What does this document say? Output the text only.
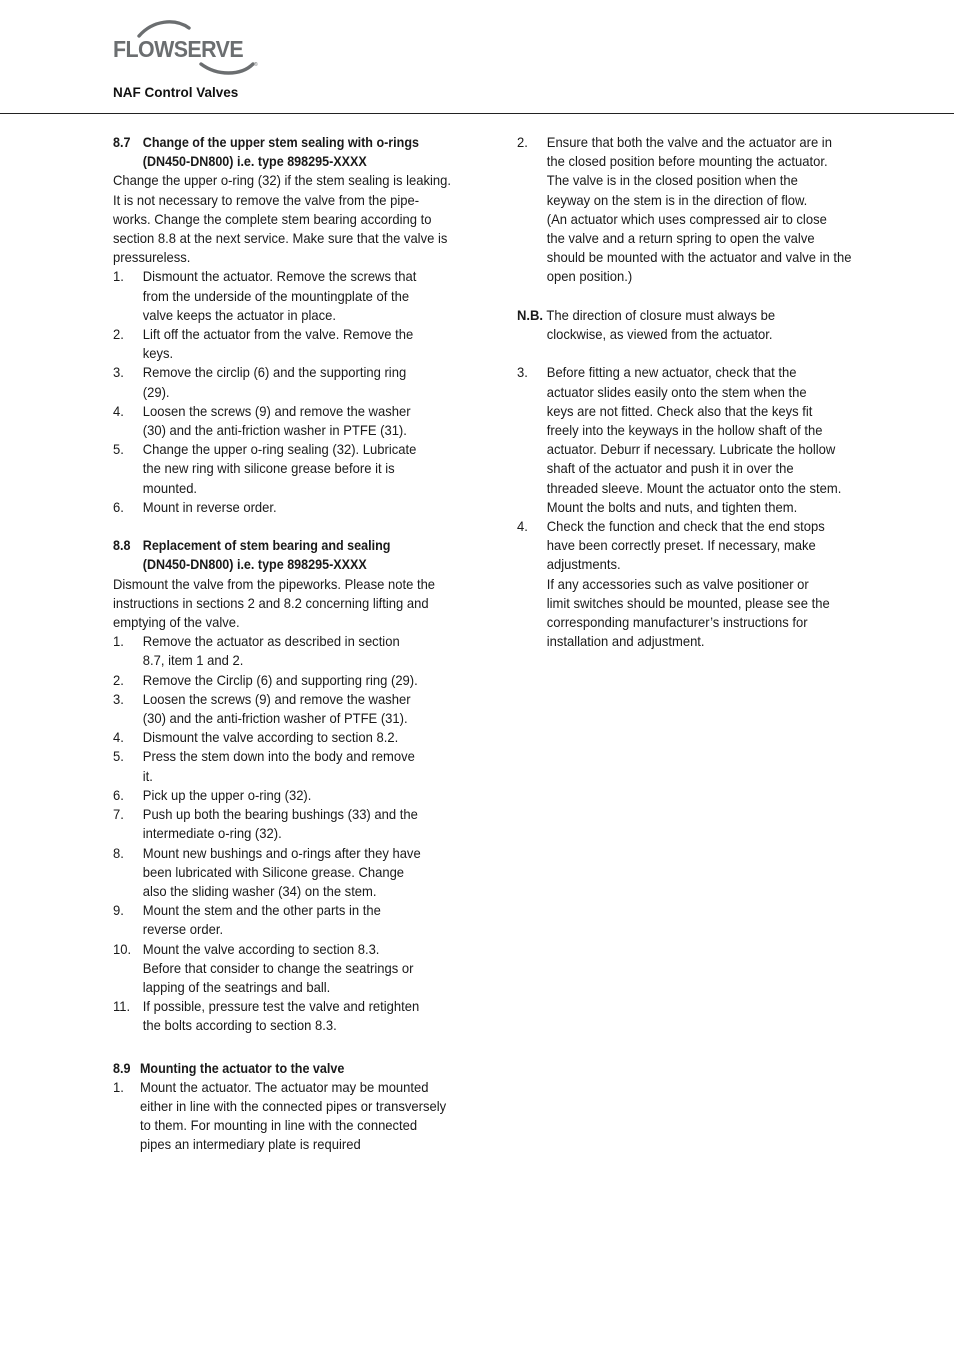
®
FLOWSERVE
NAF Control Valves
8.7 Change of the upper stem sealing with o-rings
(DN450-DN800) i.e. type 898295-XXXX

Change the upper o-ring (32) if the stem sealing is leaking.
It is not necessary to remove the valve from the pipe-
works. Change the complete stem bearing according to
section 8.8 at the next service. Make sure that the valve is
pressureless.

1.	Dismount the actuator. Remove the screws that
from the underside of the mountingplate of the
valve keeps the actuator in place.
2.	Lift off the actuator from the valve. Remove the
keys.
3.	Remove the circlip (6) and the supporting ring
(29).
4.	Loosen the screws (9) and remove the washer
(30) and the anti-friction washer in PTFE (31).
5.	Change the upper o-ring sealing (32). Lubricate
the new ring with silicone grease before it is
mounted.
6.	Mount in reverse order.
8.8 Replacement of stem bearing and sealing
(DN450-DN800) i.e. type 898295-XXXX

Dismount the valve from the pipeworks. Please note the
instructions in sections 2 and 8.2 concerning lifting and
emptying of the valve.

1.	Remove the actuator as described in section
8.7, item 1 and 2.
2.	Remove the Circlip (6) and supporting ring (29).
3.	Loosen the screws (9) and remove the washer
(30) and the anti-friction washer of PTFE (31).
4.	Dismount the valve according to section 8.2.
5.	Press the stem down into the body and remove
it.
6.	Pick up the upper o-ring (32).
7.	Push up both the bearing bushings (33) and the
intermediate o-ring (32).
8.	Mount new bushings and o-rings after they have
been lubricated with Silicone grease. Change
also the sliding washer (34) on the stem.
9.	Mount the stem and the other parts in the
reverse order.
10. Mount the valve according to section 8.3.
Before that consider to change the seatrings or
lapping of the seatrings and ball.
11. If possible, pressure test the valve and retighten
the bolts according to section 8.3.
8.9 Mounting the actuator to the valve
1.	Mount the actuator. The actuator may be mounted
either in line with the connected pipes or transversely
to them. For mounting in line with the connected
pipes an intermediary plate is required
2.	Ensure that both the valve and the actuator are in
the closed position before mounting the actuator.
The valve is in the closed position when the
keyway on the stem is in the direction of flow.
(An actuator which uses compressed air to close
the valve and a return spring to open the valve
should be mounted with the actuator and valve in the
open position.)
N.B. The direction of closure must always be
clockwise, as viewed from the actuator.
3.	Before fitting a new actuator, check that the
actuator slides easily onto the stem when the
keys are not fitted. Check also that the keys fit
freely into the keyways in the hollow shaft of the
actuator. Deburr if necessary. Lubricate the hollow
shaft of the actuator and push it in over the
threaded sleeve. Mount the actuator onto the stem.
Mount the bolts and nuts, and tighten them.
4.	Check the function and check that the end stops
have been correctly preset. If necessary, make
adjustments.
If any accessories such as valve positioner or
limit switches should be mounted, please see the
corresponding manufacturer’s instructions for
installation and adjustment.
